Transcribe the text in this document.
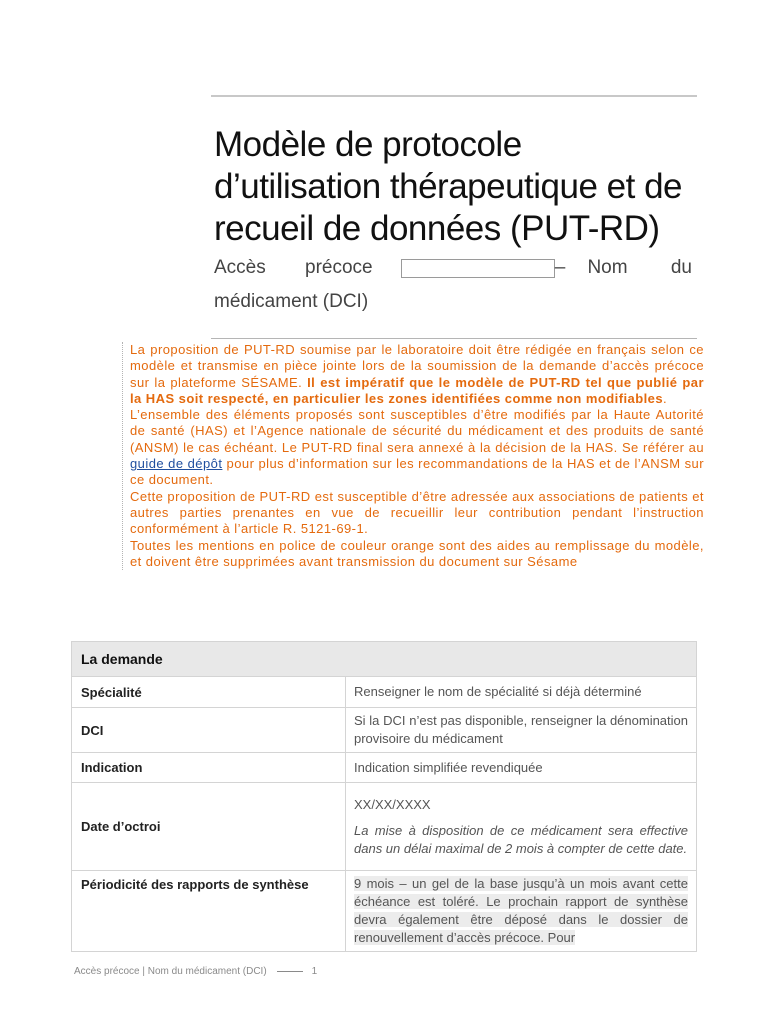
Modèle de protocole d’utilisation thérapeutique et de recueil de données (PUT-RD)
Accès précoce	– Nom du
médicament (DCI)

La proposition de PUT-RD soumise par le laboratoire doit être rédigée en français selon ce modèle et transmise en pièce jointe lors de la soumission de la demande d’accès précoce sur la plateforme SÉSAME. Il est impératif que le modèle de PUT-RD tel que publié par la HAS soit respecté, en particulier les zones identifiées comme non modifiables.

L’ensemble des éléments proposés sont susceptibles d’être modifiés par la Haute Autorité de santé (HAS) et l’Agence nationale de sécurité du médicament et des produits de santé (ANSM) le cas échéant. Le PUT-RD final sera annexé à la décision de la HAS. Se référer au guide de dépôt pour plus d’information sur les recommandations de la HAS et de l’ANSM sur ce document.

Cette proposition de PUT-RD est susceptible d’être adressée aux associations de patients et autres parties prenantes en vue de recueillir leur contribution pendant l’instruction conformément à l’article R. 5121-69-1.

Toutes les mentions en police de couleur orange sont des aides au remplissage du modèle, et doivent être supprimées avant transmission du document sur Sésame

La demande	
Spécialité	Renseigner le nom de spécialité si déjà déterminé
DCI	Si la DCI n’est pas disponible, renseigner la dénomination provisoire du médicament
Indication	Indication simplifiée revendiquée
Date d’octroi	XX/XX/XXXX
La mise à disposition de ce médicament sera effective dans un délai maximal de 2 mois à compter de cette date.

Périodicité des rapports de synthèse	9 mois – un gel de la base jusqu’à un mois avant cette échéance est toléré. Le prochain rapport de synthèse devra également être déposé dans le dossier de renouvellement d’accès précoce. Pour
Accès précoce | Nom du médicament (DCI)	1
